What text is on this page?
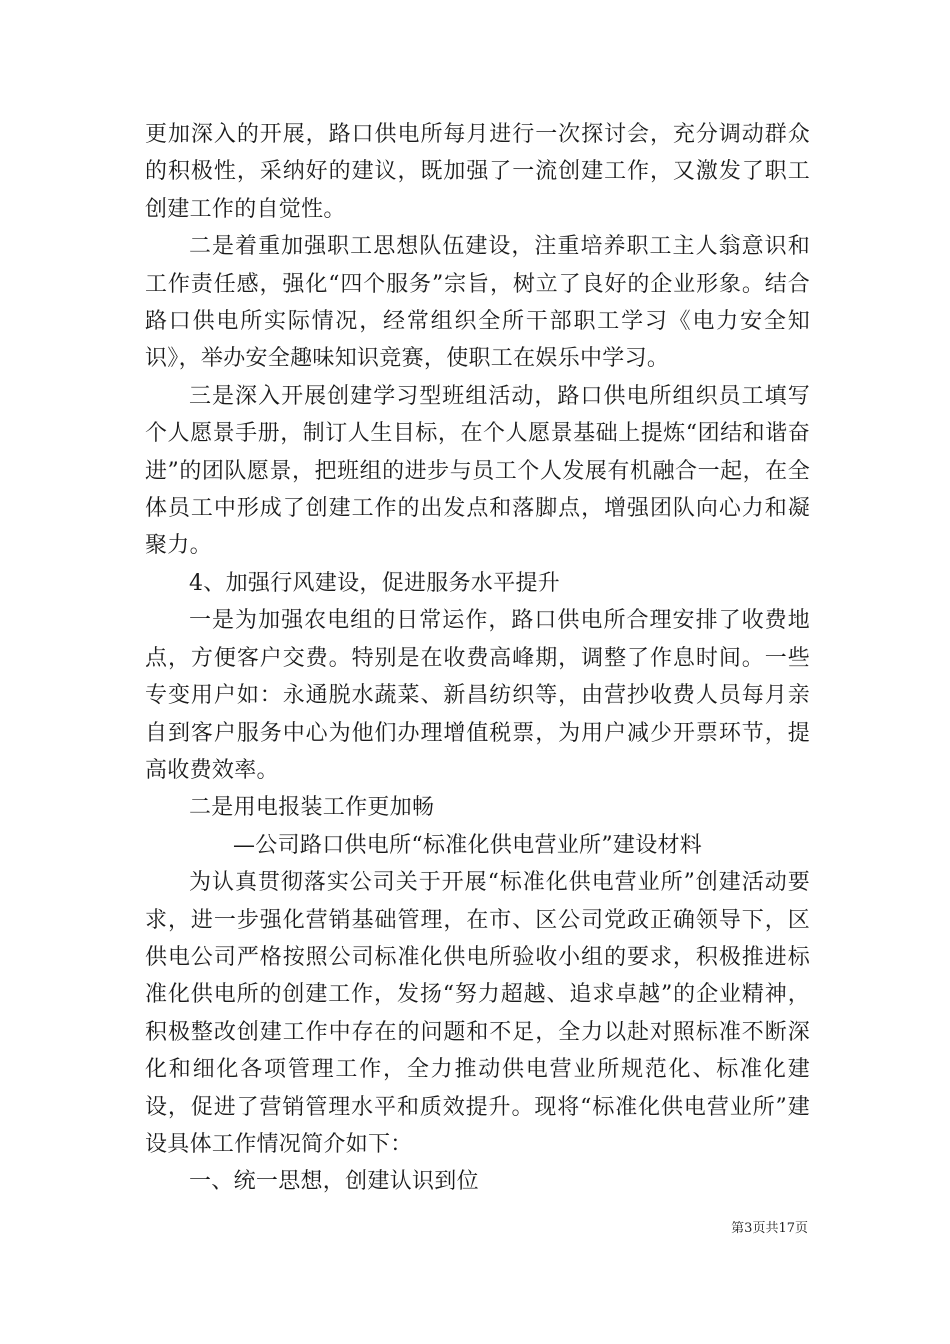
更加深入的开展，路口供电所每月进行一次探讨会，充分调动群众的积极性，采纳好的建议，既加强了一流创建工作，又激发了职工创建工作的自觉性。

二是着重加强职工思想队伍建设，注重培养职工主人翁意识和工作责任感，强化“四个服务”宗旨，树立了良好的企业形象。结合路口供电所实际情况，经常组织全所干部职工学习《电力安全知识》，举办安全趣味知识竞赛，使职工在娱乐中学习。

三是深入开展创建学习型班组活动，路口供电所组织员工填写个人愿景手册，制订人生目标，在个人愿景基础上提炼“团结和谐奋进”的团队愿景，把班组的进步与员工个人发展有机融合一起，在全体员工中形成了创建工作的出发点和落脚点，增强团队向心力和凝聚力。

4、加强行风建设，促进服务水平提升

一是为加强农电组的日常运作，路口供电所合理安排了收费地点，方便客户交费。特别是在收费高峰期，调整了作息时间。一些专变用户如：永通脱水蔬菜、新昌纺织等，由营抄收费人员每月亲自到客户服务中心为他们办理增值税票，为用户减少开票环节，提高收费效率。

二是用电报装工作更加畅

—公司路口供电所“标准化供电营业所”建设材料

为认真贯彻落实公司关于开展“标准化供电营业所”创建活动要求，进一步强化营销基础管理，在市、区公司党政正确领导下，区供电公司严格按照公司标准化供电所验收小组的要求，积极推进标准化供电所的创建工作，发扬“努力超越、追求卓越”的企业精神，积极整改创建工作中存在的问题和不足，全力以赴对照标准不断深化和细化各项管理工作，全力推动供电营业所规范化、标准化建设，促进了营销管理水平和质效提升。现将“标准化供电营业所”建设具体工作情况简介如下：

一、统一思想，创建认识到位

第3页共17页
